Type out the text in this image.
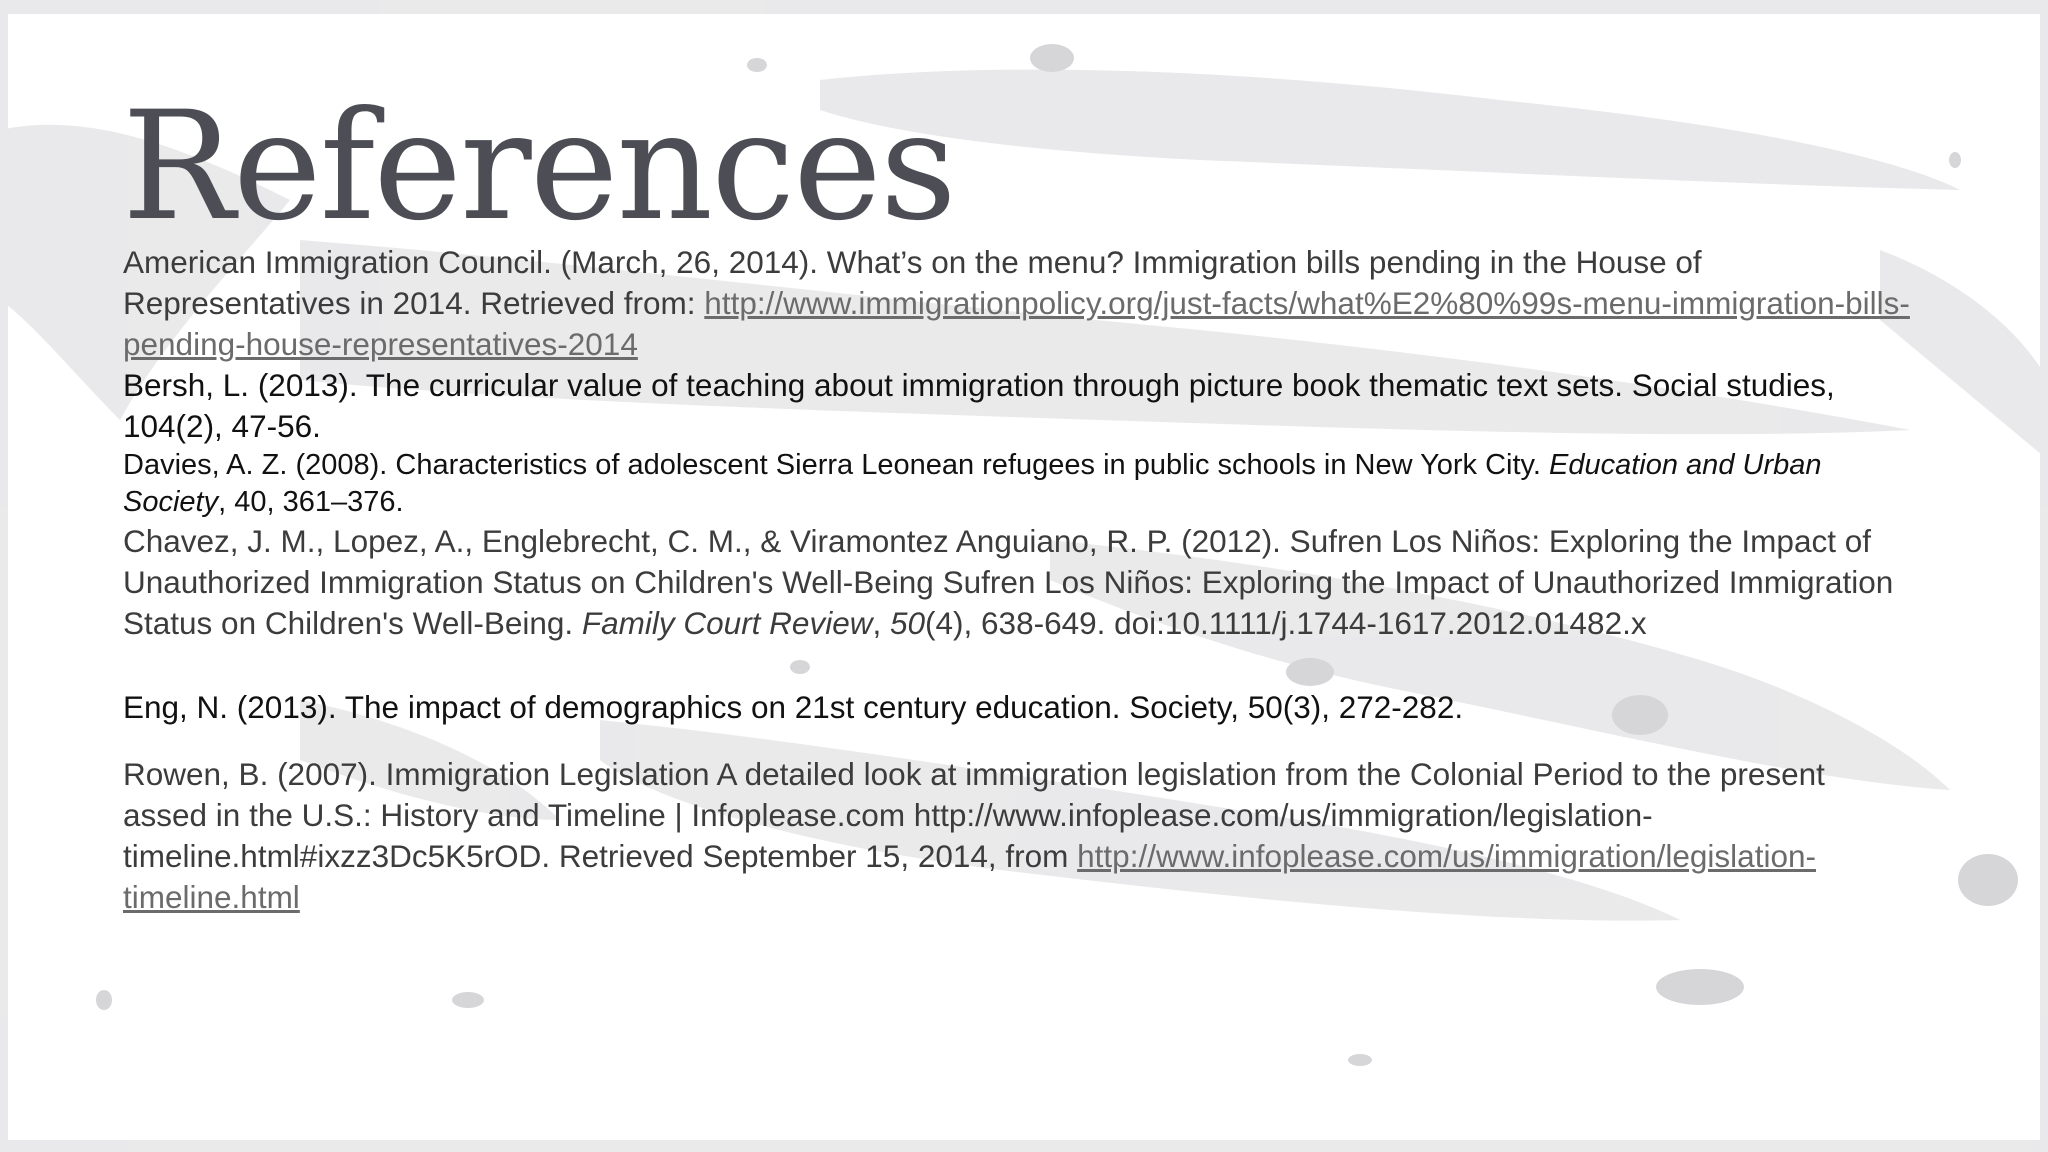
References

American Immigration Council. (March, 26, 2014). What’s on the menu? Immigration bills pending in the House of Representatives in 2014. Retrieved from: http://www.immigrationpolicy.org/just-facts/what%E2%80%99s-menu-immigration-bills-pending-house-representatives-2014

Bersh, L. (2013). The curricular value of teaching about immigration through picture book thematic text sets. Social studies, 104(2), 47-56.

Davies, A. Z. (2008). Characteristics of adolescent Sierra Leonean refugees in public schools in New York City. Education and Urban Society, 40, 361–376.

Chavez, J. M., Lopez, A., Englebrecht, C. M., & Viramontez Anguiano, R. P. (2012). Sufren Los Niños: Exploring the Impact of Unauthorized Immigration Status on Children's Well-Being Sufren Los Niños: Exploring the Impact of Unauthorized Immigration Status on Children's Well-Being. Family Court Review, 50(4), 638-649. doi:10.1111/j.1744-1617.2012.01482.x

Eng, N. (2013). The impact of demographics on 21st century education. Society, 50(3), 272-282.

Rowen, B. (2007). Immigration Legislation A detailed look at immigration legislation from the Colonial Period to the present assed in the U.S.: History and Timeline | Infoplease.com http://www.infoplease.com/us/immigration/legislation-timeline.html#ixzz3Dc5K5rOD. Retrieved September 15, 2014, from http://www.infoplease.com/us/immigration/legislation-timeline.html
